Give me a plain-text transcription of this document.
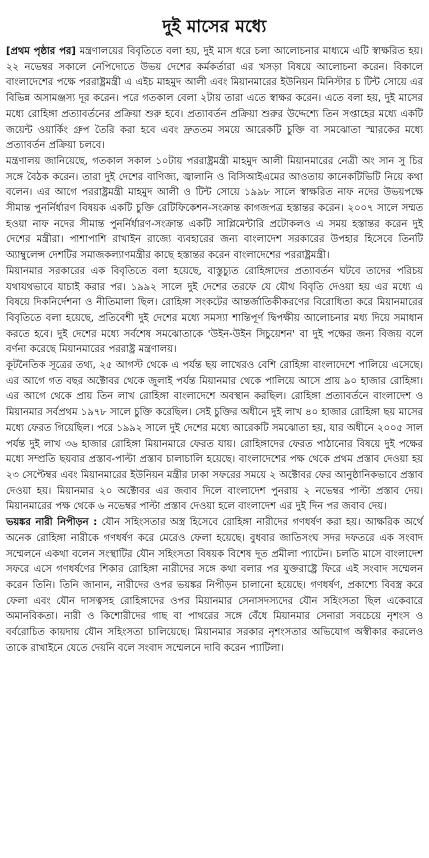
দুই মাসের মধ্যে

[প্রথম পৃষ্ঠার পর] মন্ত্রণালয়ের বিবৃতিতে বলা হয়, দুই মাস ধরে চলা আলোচনার মাধ্যমে এটি স্বাক্ষরিত হয়। ২২ নভেম্বর সকালে নেপিদোতে উভয় দেশের কর্মকর্তারা এর খসড়া বিষয়ে আলোচনা করেন। বিকালে বাংলাদেশের পক্ষে পররাষ্ট্রমন্ত্রী এ এইচ মাহমুদ আলী এবং মিয়ানমারের ইউনিয়ন মিনিস্টার চ টিন্ট সোয়ে এর বিভিন্ন অসামঞ্জস্য দূর করেন। পরে গতকাল বেলা ২টায় তারা এতে স্বাক্ষর করেন। এতে বলা হয়, দুই মাসের মধ্যে রোহিঙ্গা প্রত্যাবর্তনের প্রক্রিয়া শুরু হবে। প্রত্যাবর্তন প্রক্রিয়া শুরুর উদ্দেশ্যে তিন সপ্তাহের মধ্যে একটি জয়েন্ট ওয়ার্কিং গ্রুপ তৈরি করা হবে এবং দ্রুততম সময়ে আরেকটি চুক্তি বা সমঝোতা স্মারকের মধ্যে প্রত্যাবর্তন প্রক্রিয়া চলবে।

মন্ত্রণালয় জানিয়েছে, গতকাল সকাল ১০টায় পররাষ্ট্রমন্ত্রী মাহমুদ আলী মিয়ানমারের নেত্রী অং সান সু চির সঙ্গে বৈঠক করেন। তারা দুই দেশের বাণিজ্য, জ্বালানি ও বিসিআইএমের আওতায় কানেকটিভিটি নিয়ে কথা বলেন। এর আগে পররাষ্ট্রমন্ত্রী মাহমুদ আলী ও টিন্ট সোয়ে ১৯৯৮ সালে স্বাক্ষরিত নাফ নদের উভয়পক্ষে সীমান্ত পুনর্নির্ধারণ বিষয়ক একটি চুক্তি রেটিফিকেশন-সংক্রান্ত কাগজপত্র হস্তান্তর করেন। ২০০৭ সালে সম্মত হওয়া নাফ নদের সীমান্ত পুনর্নির্ধারণ-সংক্রান্ত একটি সাপ্লিমেন্টারি প্রটোকলও এ সময় হস্তান্তর করেন দুই দেশের মন্ত্রীরা। পাশাপাশি রাখাইন রাজ্যে ব্যবহারের জন্য বাংলাদেশ সরকারের উপহার হিসেবে তিনটি অ্যাম্বুলেন্স দেশটির সমাজকল্যাণমন্ত্রীর কাছে হস্তান্তর করেন বাংলাদেশের পররাষ্ট্রমন্ত্রী।

মিয়ানমার সরকারের এক বিবৃতিতে বলা হয়েছে, বাস্তুচ্যুত রোহিঙ্গাদের প্রত্যাবর্তন ঘটবে তাদের পরিচয় যথাযথভাবে যাচাই করার পর। ১৯৯২ সালে দুই দেশের তরফে যে যৌথ বিবৃতি দেওয়া হয় এর মধ্যে এ বিষয়ে দিকনির্দেশনা ও নীতিমালা ছিল। রোহিঙ্গা সংকটের আন্তর্জাতিকীকরণের বিরোধিতা করে মিয়ানমারের বিবৃতিতে বলা হয়েছে, প্রতিবেশী দুই দেশের মধ্যে সমস্যা শান্তিপূর্ণ দ্বিপক্ষীয় আলোচনার মধ্য দিয়ে সমাধান করতে হবে। দুই দেশের মধ্যে সর্বশেষ সমঝোতাকে 'উইন-উইন সিচুয়েশন' বা দুই পক্ষের জন্য বিজয় বলে বর্ণনা করেছে মিয়ানমারের পররাষ্ট্র মন্ত্রণালয়।

কূটনৈতিক সূত্রের তথ্য, ২৫ আগস্ট থেকে এ পর্যন্ত ছয় লাখেরও বেশি রোহিঙ্গা বাংলাদেশে পালিয়ে এসেছে। এর আগে গত বছর অক্টোবর থেকে জুলাই পর্যন্ত মিয়ানমার থেকে পালিয়ে আসে প্রায় ৯০ হাজার রোহিঙ্গা। এর আগে থেকে প্রায় তিন লাখ রোহিঙ্গা বাংলাদেশে অবস্থান করছিল। রোহিঙ্গা প্রত্যাবর্তনে বাংলাদেশ ও মিয়ানমার সর্বপ্রথম ১৯৭৮ সালে চুক্তি করেছিল। সেই চুক্তির অধীনে দুই লাখ ৪০ হাজার রোহিঙ্গা ছয় মাসের মধ্যে ফেরত গিয়েছিল। পরে ১৯৯২ সালে দুই দেশের মধ্যে আরেকটি সমঝোতা হয়, যার অধীনে ২০০৫ সাল পর্যন্ত দুই লাখ ৩৬ হাজার রোহিঙ্গা মিয়ানমারে ফেরত যায়। রোহিঙ্গাদের ফেরত পাঠানোর বিষয়ে দুই পক্ষের মধ্যে সম্প্রতি ছয়বার প্রস্তাব-পাল্টা প্রস্তাব চালাচালি হয়েছে। বাংলাদেশের পক্ষ থেকে প্রথম প্রস্তাব দেওয়া হয় ২৩ সেপ্টেম্বর এবং মিয়ানমারের ইউনিয়ন মন্ত্রীর ঢাকা সফরের সময়ে ২ অক্টোবর ফের আনুষ্ঠানিকভাবে প্রস্তাব দেওয়া হয়। মিয়ানমার ২০ অক্টোবর এর জবাব দিলে বাংলাদেশ পুনরায় ২ নভেম্বর পাল্টা প্রস্তাব দেয়। মিয়ানমারের পক্ষ থেকে ৬ নভেম্বর পাল্টা প্রস্তাব দেওয়া হলে বাংলাদেশ এর দুই দিন পর জবাব দেয়।

ভয়ঙ্কর নারী নিপীড়ন : যৌন সহিংসতার অস্ত্র হিসেবে রোহিঙ্গা নারীদের গণধর্ষণ করা হয়। আক্ষরিক অর্থে অনেক রোহিঙ্গা নারীকে গণধর্ষণ করে মেরেও ফেলা হয়েছে। বুধবার জাতিসংঘ সদর দফতরে এক সংবাদ সম্মেলনে একথা বলেন সংস্থাটির যৌন সহিংসতা বিষয়ক বিশেষ দূত প্রমীলা প্যাটেন। চলতি মাসে বাংলাদেশ সফরে এসে গণধর্ষণের শিকার রোহিঙ্গা নারীদের সঙ্গে কথা বলার পর যুক্তরাষ্ট্রে ফিরে এই সংবাদ সম্মেলন করেন তিনি। তিনি জানান, নারীদের ওপর ভয়ঙ্কর নিপীড়ন চালানো হয়েছে। গণধর্ষণ, প্রকাশ্যে বিবস্ত্র করে ফেলা এবং যৌন দাসত্বসহ রোহিঙ্গাদের ওপর মিয়ানমার সেনাসদস্যদের যৌন সহিংসতা ছিল একেবারে অমানবিকতা। নারী ও কিশোরীদের গাছ বা পাথরের সঙ্গে বেঁধে মিয়ানমার সেনারা সবচেয়ে নৃশংস ও বর্বরোচিত কায়দায় যৌন সহিংসতা চালিয়েছে। মিয়ানমার সরকার নৃশংসতার অভিযোগ অস্বীকার করলেও তাকে রাখাইনে যেতে দেয়নি বলে সংবাদ সম্মেলনে দাবি করেন প্যাটিলা।
